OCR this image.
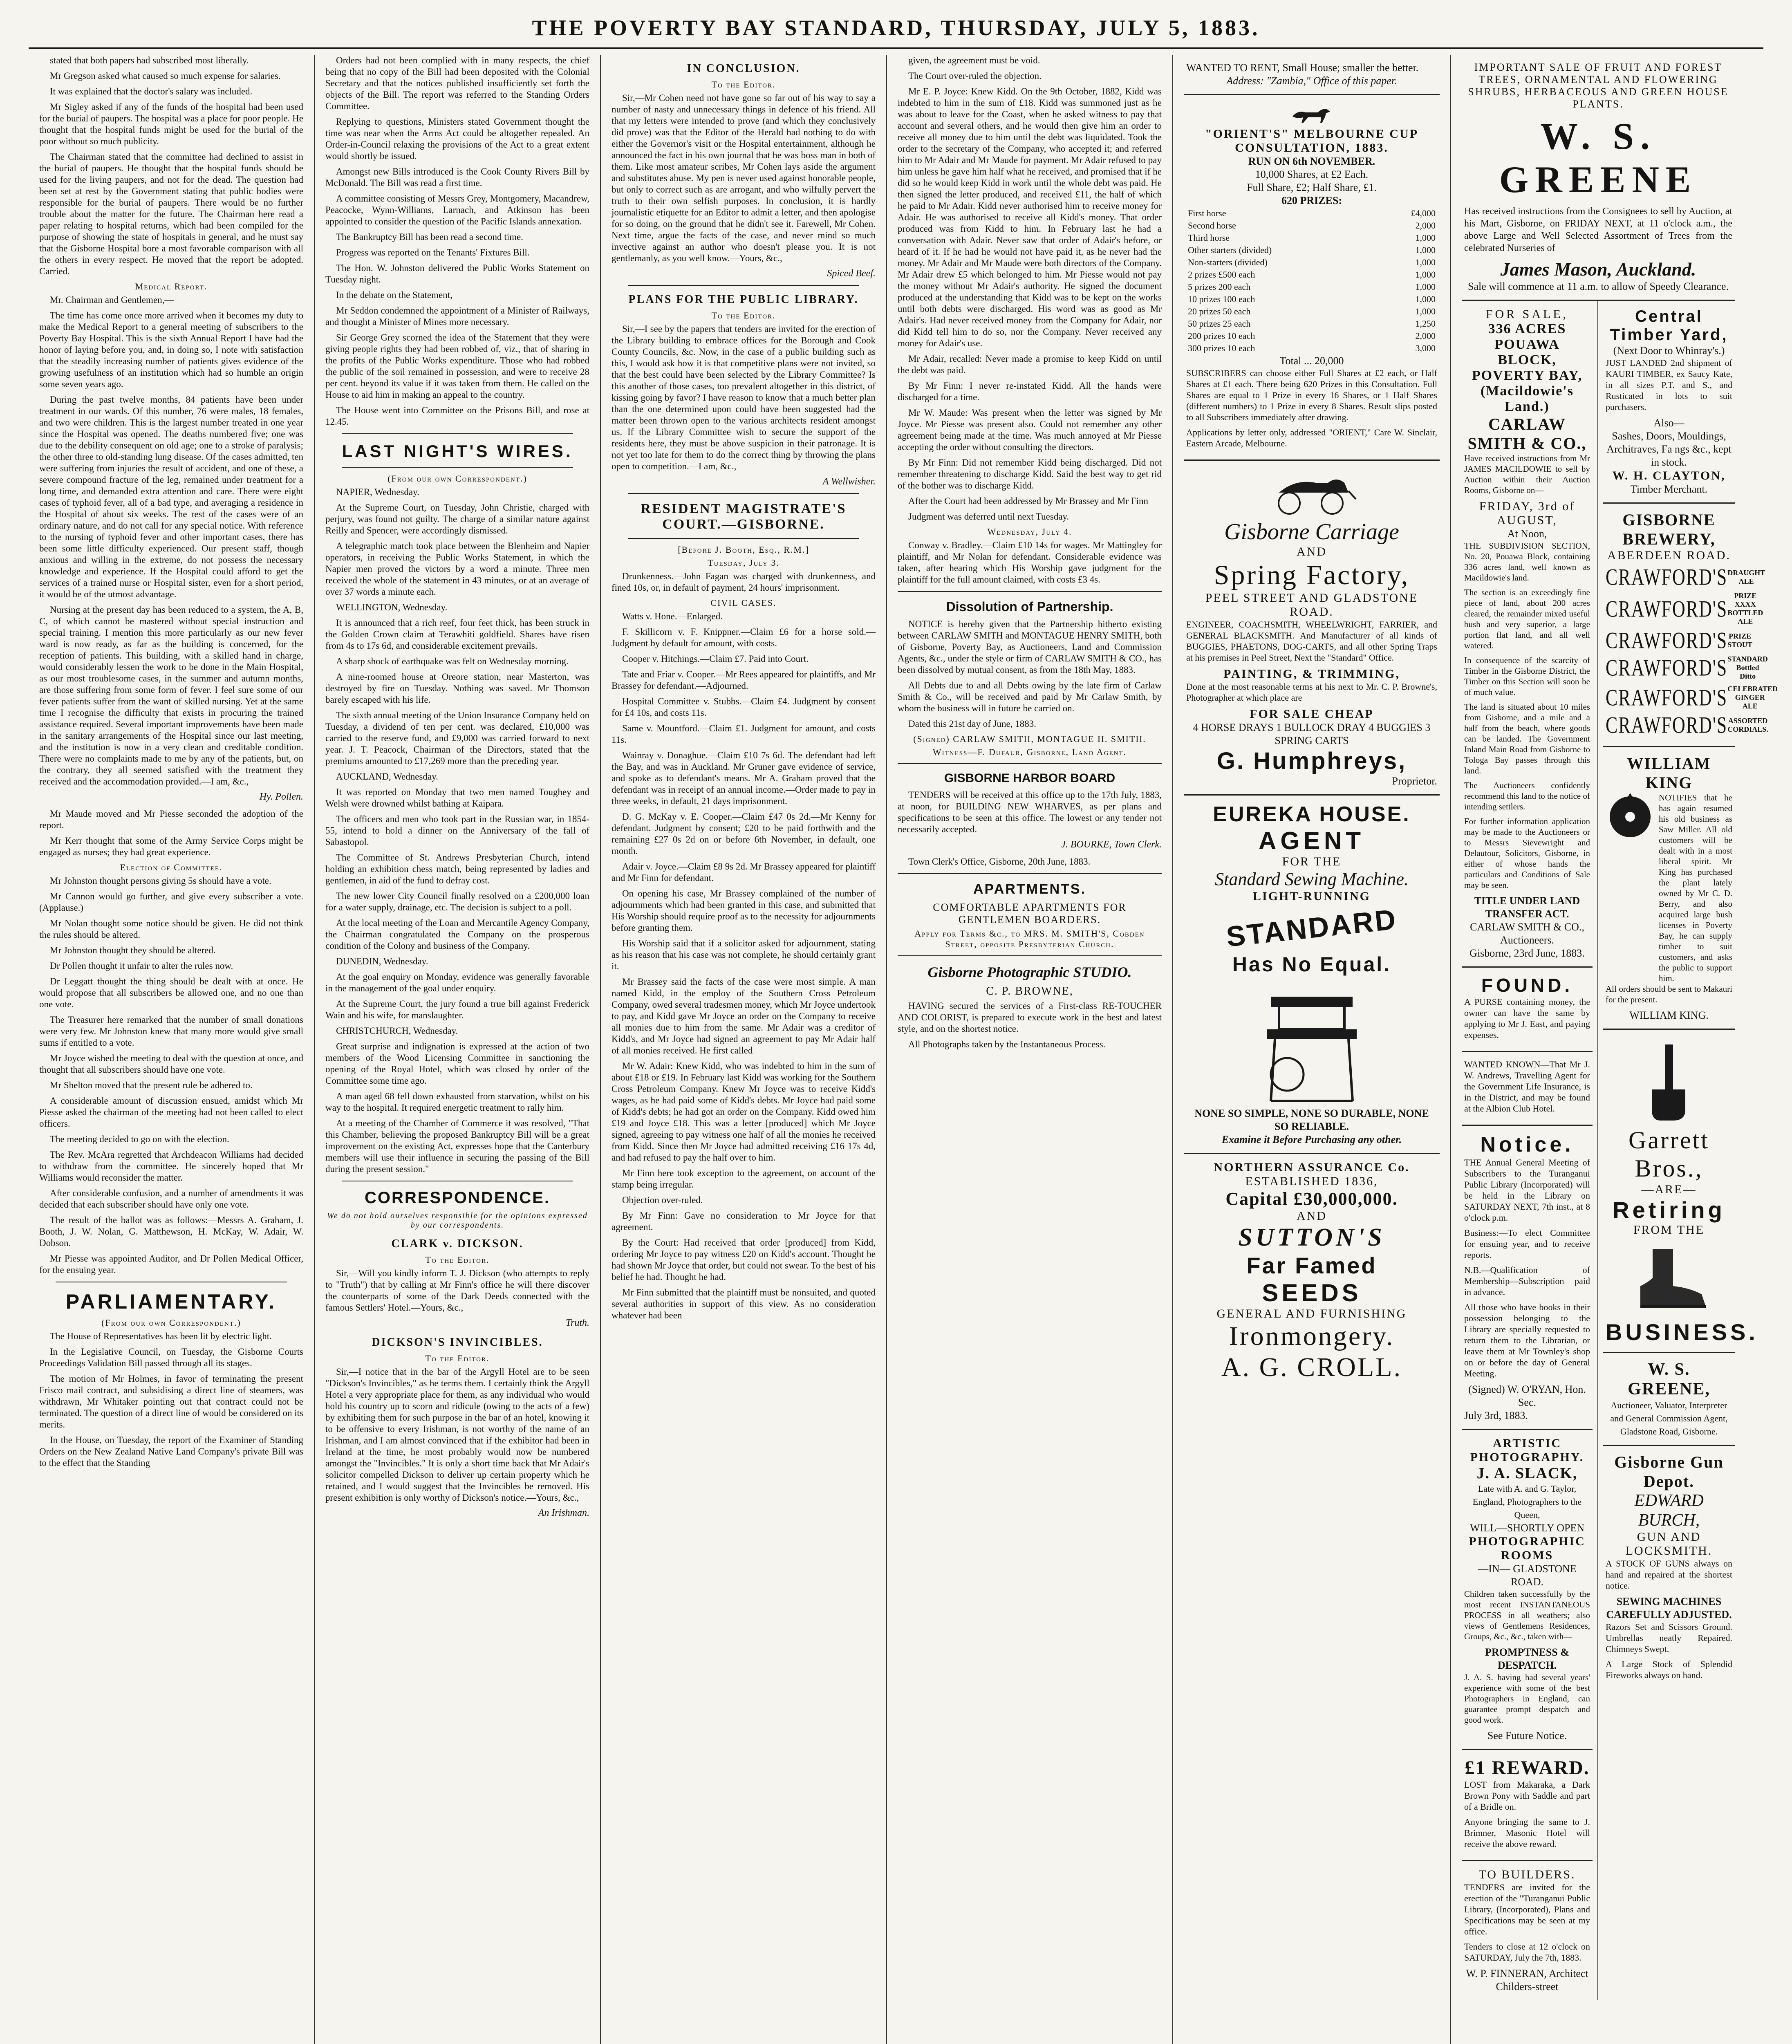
THE POVERTY BAY STANDARD, THURSDAY, JULY 5, 1883.

stated that both papers had subscribed most liberally.

Mr Gregson asked what caused so much expense for salaries.

It was explained that the doctor's salary was included.

Mr Sigley asked if any of the funds of the hospital had been used for the burial of paupers. The hospital was a place for poor people. He thought that the hospital funds might be used for the burial of the poor without so much publicity.

The Chairman stated that the committee had declined to assist in the burial of paupers. He thought that the hospital funds should be used for the living paupers, and not for the dead. The question had been set at rest by the Government stating that public bodies were responsible for the burial of paupers. There would be no further trouble about the matter for the future. The Chairman here read a paper relating to hospital returns, which had been compiled for the purpose of showing the state of hospitals in general, and he must say that the Gisborne Hospital bore a most favorable comparison with all the others in every respect. He moved that the report be adopted. Carried.

Medical Report.

Mr. Chairman and Gentlemen,—

The time has come once more arrived when it becomes my duty to make the Medical Report to a general meeting of subscribers to the Poverty Bay Hospital. This is the sixth Annual Report I have had the honor of laying before you, and, in doing so, I note with satisfaction that the steadily increasing number of patients gives evidence of the growing usefulness of an institution which had so humble an origin some seven years ago.

During the past twelve months, 84 patients have been under treatment in our wards. Of this number, 76 were males, 18 females, and two were children. This is the largest number treated in one year since the Hospital was opened. The deaths numbered five; one was due to the debility consequent on old age; one to a stroke of paralysis; the other three to old-standing lung disease. Of the cases admitted, ten were suffering from injuries the result of accident, and one of these, a severe compound fracture of the leg, remained under treatment for a long time, and demanded extra attention and care. There were eight cases of typhoid fever, all of a bad type, and averaging a residence in the Hospital of about six weeks. The rest of the cases were of an ordinary nature, and do not call for any special notice. With reference to the nursing of typhoid fever and other important cases, there has been some little difficulty experienced. Our present staff, though anxious and willing in the extreme, do not possess the necessary knowledge and experience. If the Hospital could afford to get the services of a trained nurse or Hospital sister, even for a short period, it would be of the utmost advantage.

Nursing at the present day has been reduced to a system, the A, B, C, of which cannot be mastered without special instruction and special training. I mention this more particularly as our new fever ward is now ready, as far as the building is concerned, for the reception of patients. This building, with a skilled hand in charge, would considerably lessen the work to be done in the Main Hospital, as our most troublesome cases, in the summer and autumn months, are those suffering from some form of fever. I feel sure some of our fever patients suffer from the want of skilled nursing. Yet at the same time I recognise the difficulty that exists in procuring the trained assistance required. Several important improvements have been made in the sanitary arrangements of the Hospital since our last meeting, and the institution is now in a very clean and creditable condition. There were no complaints made to me by any of the patients, but, on the contrary, they all seemed satisfied with the treatment they received and the accommodation provided.—I am, &c.,

Hy. Pollen.

Mr Maude moved and Mr Piesse seconded the adoption of the report.

Mr Kerr thought that some of the Army Service Corps might be engaged as nurses; they had great experience.

Election of Committee.

Mr Johnston thought persons giving 5s should have a vote.

Mr Cannon would go further, and give every subscriber a vote. (Applause.)

Mr Nolan thought some notice should be given. He did not think the rules should be altered.

Mr Johnston thought they should be altered.

Dr Pollen thought it unfair to alter the rules now.

Dr Leggatt thought the thing should be dealt with at once. He would propose that all subscribers be allowed one, and no one than one vote.

The Treasurer here remarked that the number of small donations were very few. Mr Johnston knew that many more would give small sums if entitled to a vote.

Mr Joyce wished the meeting to deal with the question at once, and thought that all subscribers should have one vote.

Mr Shelton moved that the present rule be adhered to.

A considerable amount of discussion ensued, amidst which Mr Piesse asked the chairman of the meeting had not been called to elect officers.

The meeting decided to go on with the election.

The Rev. McAra regretted that Archdeacon Williams had decided to withdraw from the committee. He sincerely hoped that Mr Williams would reconsider the matter.

After considerable confusion, and a number of amendments it was decided that each subscriber should have only one vote.

The result of the ballot was as follows:—Messrs A. Graham, J. Booth, J. W. Nolan, G. Matthewson, H. McKay, W. Adair, W. Dobson.

Mr Piesse was appointed Auditor, and Dr Pollen Medical Officer, for the ensuing year.

PARLIAMENTARY.
(From our own Correspondent.)

The House of Representatives has been lit by electric light.

In the Legislative Council, on Tuesday, the Gisborne Courts Proceedings Validation Bill passed through all its stages.

The motion of Mr Holmes, in favor of terminating the present Frisco mail contract, and subsidising a direct line of steamers, was withdrawn, Mr Whitaker pointing out that contract could not be terminated. The question of a direct line of would be considered on its merits.

In the House, on Tuesday, the report of the Examiner of Standing Orders on the New Zealand Native Land Company's private Bill was to the effect that the Standing

Orders had not been complied with in many respects, the chief being that no copy of the Bill had been deposited with the Colonial Secretary and that the notices published insufficiently set forth the objects of the Bill. The report was referred to the Standing Orders Committee.

Replying to questions, Ministers stated Government thought the time was near when the Arms Act could be altogether repealed. An Order-in-Council relaxing the provisions of the Act to a great extent would shortly be issued.

Amongst new Bills introduced is the Cook County Rivers Bill by McDonald. The Bill was read a first time.

A committee consisting of Messrs Grey, Montgomery, Macandrew, Peacocke, Wynn-Williams, Larnach, and Atkinson has been appointed to consider the question of the Pacific Islands annexation.

The Bankruptcy Bill has been read a second time.

Progress was reported on the Tenants' Fixtures Bill.

The Hon. W. Johnston delivered the Public Works Statement on Tuesday night.

In the debate on the Statement,

Mr Seddon condemned the appointment of a Minister of Railways, and thought a Minister of Mines more necessary.

Sir George Grey scorned the idea of the Statement that they were giving people rights they had been robbed of, viz., that of sharing in the profits of the Public Works expenditure. Those who had robbed the public of the soil remained in possession, and were to receive 28 per cent. beyond its value if it was taken from them. He called on the House to aid him in making an appeal to the country.

The House went into Committee on the Prisons Bill, and rose at 12.45.

LAST NIGHT'S WIRES.
(From our own Correspondent.)

NAPIER, Wednesday.

At the Supreme Court, on Tuesday, John Christie, charged with perjury, was found not guilty. The charge of a similar nature against Reilly and Spencer, were accordingly dismissed.

A telegraphic match took place between the Blenheim and Napier operators, in receiving the Public Works Statement, in which the Napier men proved the victors by a word a minute. Three men received the whole of the statement in 43 minutes, or at an average of over 37 words a minute each.

WELLINGTON, Wednesday.

It is announced that a rich reef, four feet thick, has been struck in the Golden Crown claim at Terawhiti goldfield. Shares have risen from 4s to 17s 6d, and considerable excitement prevails.

A sharp shock of earthquake was felt on Wednesday morning.

A nine-roomed house at Oreore station, near Masterton, was destroyed by fire on Tuesday. Nothing was saved. Mr Thomson barely escaped with his life.

The sixth annual meeting of the Union Insurance Company held on Tuesday, a dividend of ten per cent. was declared, £10,000 was carried to the reserve fund, and £9,000 was carried forward to next year. J. T. Peacock, Chairman of the Directors, stated that the premiums amounted to £17,269 more than the preceding year.

AUCKLAND, Wednesday.

It was reported on Monday that two men named Toughey and Welsh were drowned whilst bathing at Kaipara.

The officers and men who took part in the Russian war, in 1854-55, intend to hold a dinner on the Anniversary of the fall of Sabastopol.

The Committee of St. Andrews Presbyterian Church, intend holding an exhibition chess match, being represented by ladies and gentlemen, in aid of the fund to defray cost.

The new lower City Council finally resolved on a £200,000 loan for a water supply, drainage, etc. The decision is subject to a poll.

At the local meeting of the Loan and Mercantile Agency Company, the Chairman congratulated the Company on the prosperous condition of the Colony and business of the Company.

DUNEDIN, Wednesday.

At the goal enquiry on Monday, evidence was generally favorable in the management of the goal under enquiry.

At the Supreme Court, the jury found a true bill against Frederick Wain and his wife, for manslaughter.

CHRISTCHURCH, Wednesday.

Great surprise and indignation is expressed at the action of two members of the Wood Licensing Committee in sanctioning the opening of the Royal Hotel, which was closed by order of the Committee some time ago.

A man aged 68 fell down exhausted from starvation, whilst on his way to the hospital. It required energetic treatment to rally him.

At a meeting of the Chamber of Commerce it was resolved, "That this Chamber, believing the proposed Bankruptcy Bill will be a great improvement on the existing Act, expresses hope that the Canterbury members will use their influence in securing the passing of the Bill during the present session."

CORRESPONDENCE.
We do not hold ourselves responsible for the opinions expressed by our correspondents.
CLARK v. DICKSON.
To the Editor.

Sir,—Will you kindly inform T. J. Dickson (who attempts to reply to "Truth") that by calling at Mr Finn's office he will there discover the counterparts of some of the Dark Deeds connected with the famous Settlers' Hotel.—Yours, &c.,

Truth.
DICKSON'S INVINCIBLES.
To the Editor.

Sir,—I notice that in the bar of the Argyll Hotel are to be seen "Dickson's Invincibles," as he terms them. I certainly think the Argyll Hotel a very appropriate place for them, as any individual who would hold his country up to scorn and ridicule (owing to the acts of a few) by exhibiting them for such purpose in the bar of an hotel, knowing it to be offensive to every Irishman, is not worthy of the name of an Irishman, and I am almost convinced that if the exhibitor had been in Ireland at the time, he most probably would now be numbered amongst the "Invincibles." It is only a short time back that Mr Adair's solicitor compelled Dickson to deliver up certain property which he retained, and I would suggest that the Invincibles be removed. His present exhibition is only worthy of Dickson's notice.—Yours, &c.,

An Irishman.
IN CONCLUSION.
To the Editor.

Sir,—Mr Cohen need not have gone so far out of his way to say a number of nasty and unnecessary things in defence of his friend. All that my letters were intended to prove (and which they conclusively did prove) was that the Editor of the Herald had nothing to do with either the Governor's visit or the Hospital entertainment, although he announced the fact in his own journal that he was boss man in both of them. Like most amateur scribes, Mr Cohen lays aside the argument and substitutes abuse. My pen is never used against honorable people, but only to correct such as are arrogant, and who wilfully pervert the truth to their own selfish purposes. In conclusion, it is hardly journalistic etiquette for an Editor to admit a letter, and then apologise for so doing, on the ground that he didn't see it. Farewell, Mr Cohen. Next time, argue the facts of the case, and never mind so much invective against an author who doesn't please you. It is not gentlemanly, as you well know.—Yours, &c.,

Spiced Beef.
PLANS FOR THE PUBLIC LIBRARY.
To the Editor.

Sir,—I see by the papers that tenders are invited for the erection of the Library building to embrace offices for the Borough and Cook County Councils, &c. Now, in the case of a public building such as this, I would ask how it is that competitive plans were not invited, so that the best could have been selected by the Library Committee? Is this another of those cases, too prevalent altogether in this district, of kissing going by favor? I have reason to know that a much better plan than the one determined upon could have been suggested had the matter been thrown open to the various architects resident amongst us. If the Library Committee wish to secure the support of the residents here, they must be above suspicion in their patronage. It is not yet too late for them to do the correct thing by throwing the plans open to competition.—I am, &c.,

A Wellwisher.
RESIDENT MAGISTRATE'S COURT.—GISBORNE.
[Before J. Booth, Esq., R.M.]
Tuesday, July 3.

Drunkenness.—John Fagan was charged with drunkenness, and fined 10s, or, in default of payment, 24 hours' imprisonment.

CIVIL CASES.

Watts v. Hone.—Enlarged.

F. Skillicorn v. F. Knippner.—Claim £6 for a horse sold.—Judgment by default for amount, with costs.

Cooper v. Hitchings.—Claim £7. Paid into Court.

Tate and Friar v. Cooper.—Mr Rees appeared for plaintiffs, and Mr Brassey for defendant.—Adjourned.

Hospital Committee v. Stubbs.—Claim £4. Judgment by consent for £4 10s, and costs 11s.

Same v. Mountford.—Claim £1. Judgment for amount, and costs 11s.

Wainray v. Donaghue.—Claim £10 7s 6d. The defendant had left the Bay, and was in Auckland. Mr Gruner gave evidence of service, and spoke as to defendant's means. Mr A. Graham proved that the defendant was in receipt of an annual income.—Order made to pay in three weeks, in default, 21 days imprisonment.

D. G. McKay v. E. Cooper.—Claim £47 0s 2d.—Mr Kenny for defendant. Judgment by consent; £20 to be paid forthwith and the remaining £27 0s 2d on or before 6th November, in default, one month.

Adair v. Joyce.—Claim £8 9s 2d. Mr Brassey appeared for plaintiff and Mr Finn for defendant.

On opening his case, Mr Brassey complained of the number of adjournments which had been granted in this case, and submitted that His Worship should require proof as to the necessity for adjournments before granting them.

His Worship said that if a solicitor asked for adjournment, stating as his reason that his case was not complete, he should certainly grant it.

Mr Brassey said the facts of the case were most simple. A man named Kidd, in the employ of the Southern Cross Petroleum Company, owed several tradesmen money, which Mr Joyce undertook to pay, and Kidd gave Mr Joyce an order on the Company to receive all monies due to him from the same. Mr Adair was a creditor of Kidd's, and Mr Joyce had signed an agreement to pay Mr Adair half of all monies received. He first called

Mr W. Adair: Knew Kidd, who was indebted to him in the sum of about £18 or £19. In February last Kidd was working for the Southern Cross Petroleum Company. Knew Mr Joyce was to receive Kidd's wages, as he had paid some of Kidd's debts. Mr Joyce had paid some of Kidd's debts; he had got an order on the Company. Kidd owed him £19 and Joyce £18. This was a letter [produced] which Mr Joyce signed, agreeing to pay witness one half of all the monies he received from Kidd. Since then Mr Joyce had admitted receiving £16 17s 4d, and had refused to pay the half over to him.

Mr Finn here took exception to the agreement, on account of the stamp being irregular.

Objection over-ruled.

By Mr Finn: Gave no consideration to Mr Joyce for that agreement.

By the Court: Had received that order [produced] from Kidd, ordering Mr Joyce to pay witness £20 on Kidd's account. Thought he had shown Mr Joyce that order, but could not swear. To the best of his belief he had. Thought he had.

Mr Finn submitted that the plaintiff must be nonsuited, and quoted several authorities in support of this view. As no consideration whatever had been

given, the agreement must be void.

The Court over-ruled the objection.

Mr E. P. Joyce: Knew Kidd. On the 9th October, 1882, Kidd was indebted to him in the sum of £18. Kidd was summoned just as he was about to leave for the Coast, when he asked witness to pay that account and several others, and he would then give him an order to receive all money due to him until the debt was liquidated. Took the order to the secretary of the Company, who accepted it; and referred him to Mr Adair and Mr Maude for payment. Mr Adair refused to pay him unless he gave him half what he received, and promised that if he did so he would keep Kidd in work until the whole debt was paid. He then signed the letter produced, and received £11, the half of which he paid to Mr Adair. Kidd never authorised him to receive money for Adair. He was authorised to receive all Kidd's money. That order produced was from Kidd to him. In February last he had a conversation with Adair. Never saw that order of Adair's before, or heard of it. If he had he would not have paid it, as he never had the money. Mr Adair and Mr Maude were both directors of the Company. Mr Adair drew £5 which belonged to him. Mr Piesse would not pay the money without Mr Adair's authority. He signed the document produced at the understanding that Kidd was to be kept on the works until both debts were discharged. His word was as good as Mr Adair's. Had never received money from the Company for Adair, nor did Kidd tell him to do so, nor the Company. Never received any money for Adair's use.

Mr Adair, recalled: Never made a promise to keep Kidd on until the debt was paid.

By Mr Finn: I never re-instated Kidd. All the hands were discharged for a time.

Mr W. Maude: Was present when the letter was signed by Mr Joyce. Mr Piesse was present also. Could not remember any other agreement being made at the time. Was much annoyed at Mr Piesse accepting the order without consulting the directors.

By Mr Finn: Did not remember Kidd being discharged. Did not remember threatening to discharge Kidd. Said the best way to get rid of the bother was to discharge Kidd.

After the Court had been addressed by Mr Brassey and Mr Finn

Judgment was deferred until next Tuesday.

Wednesday, July 4.

Conway v. Bradley.—Claim £10 14s for wages. Mr Mattingley for plaintiff, and Mr Nolan for defendant. Considerable evidence was taken, after hearing which His Worship gave judgment for the plaintiff for the full amount claimed, with costs £3 4s.

Dissolution of Partnership.

NOTICE is hereby given that the Partnership hitherto existing between CARLAW SMITH and MONTAGUE HENRY SMITH, both of Gisborne, Poverty Bay, as Auctioneers, Land and Commission Agents, &c., under the style or firm of CARLAW SMITH & CO., has been dissolved by mutual consent, as from the 18th May, 1883.

All Debts due to and all Debts owing by the late firm of Carlaw Smith & Co., will be received and paid by Mr Carlaw Smith, by whom the business will in future be carried on.

Dated this 21st day of June, 1883.

(Signed) CARLAW SMITH, MONTAGUE H. SMITH.
Witness—F. Dufaur, Gisborne, Land Agent.
GISBORNE HARBOR BOARD

TENDERS will be received at this office up to the 17th July, 1883, at noon, for BUILDING NEW WHARVES, as per plans and specifications to be seen at this office. The lowest or any tender not necessarily accepted.

J. BOURKE, Town Clerk.

Town Clerk's Office, Gisborne, 20th June, 1883.

APARTMENTS.
COMFORTABLE APARTMENTS FOR GENTLEMEN BOARDERS.
Apply for Terms &c., to MRS. M. SMITH'S, Cobden Street, opposite Presbyterian Church.
Gisborne Photographic STUDIO.
C. P. BROWNE,

HAVING secured the services of a First-class RE-TOUCHER AND COLORIST, is prepared to execute work in the best and latest style, and on the shortest notice.

All Photographs taken by the Instantaneous Process.

WANTED TO RENT, Small House; smaller the better.
Address: "Zambia," Office of this paper.
"ORIENT'S" MELBOURNE CUP CONSULTATION, 1883.
RUN ON 6th NOVEMBER.
10,000 Shares, at £2 Each.
Full Share, £2; Half Share, £1.
620 PRIZES:
First horse	£4,000
Second horse	2,000
Third horse	1,000
Other starters (divided)	1,000
Non-starters (divided)	1,000
2 prizes £500 each	1,000
5 prizes 200 each	1,000
10 prizes 100 each	1,000
20 prizes 50 each	1,000
50 prizes 25 each	1,250
200 prizes 10 each	2,000
300 prizes 10 each	3,000
Total ... 20,000

SUBSCRIBERS can choose either Full Shares at £2 each, or Half Shares at £1 each. There being 620 Prizes in this Consultation. Full Shares are equal to 1 Prize in every 16 Shares, or 1 Half Shares (different numbers) to 1 Prize in every 8 Shares. Result slips posted to all Subscribers immediately after drawing.

Applications by letter only, addressed "ORIENT," Care W. Sinclair, Eastern Arcade, Melbourne.

Gisborne Carriage
AND
Spring Factory,
PEEL STREET AND GLADSTONE ROAD.

ENGINEER, COACHSMITH, WHEELWRIGHT, FARRIER, and GENERAL BLACKSMITH. And Manufacturer of all kinds of BUGGIES, PHAETONS, DOG-CARTS, and all other Spring Traps at his premises in Peel Street, Next the "Standard" Office.

PAINTING, & TRIMMING,

Done at the most reasonable terms at his next to Mr. C. P. Browne's, Photographer at which place are

FOR SALE CHEAP
4 HORSE DRAYS 1 BULLOCK DRAY 4 BUGGIES 3 SPRING CARTS
G. Humphreys,
Proprietor.
EUREKA HOUSE.
AGENT
FOR THE
Standard Sewing Machine.
LIGHT-RUNNING
STANDARD
Has No Equal.
NONE SO SIMPLE, NONE SO DURABLE, NONE SO RELIABLE.
Examine it Before Purchasing any other.
NORTHERN ASSURANCE Co.
ESTABLISHED 1836,
Capital £30,000,000.
AND
SUTTON'S
Far Famed
SEEDS
GENERAL AND FURNISHING
Ironmongery.
A. G. CROLL.
IMPORTANT SALE OF FRUIT AND FOREST TREES, ORNAMENTAL AND FLOWERING SHRUBS, HERBACEOUS AND GREEN HOUSE PLANTS.
W. S. GREENE

Has received instructions from the Consignees to sell by Auction, at his Mart, Gisborne, on FRIDAY NEXT, at 11 o'clock a.m., the above Large and Well Selected Assortment of Trees from the celebrated Nurseries of

James Mason, Auckland.
Sale will commence at 11 a.m. to allow of Speedy Clearance.
FOR SALE,
336 ACRES POUAWA BLOCK, POVERTY BAY, (Macildowie's Land.)
CARLAW SMITH & CO.,

Have received instructions from Mr JAMES MACILDOWIE to sell by Auction within their Auction Rooms, Gisborne on—

FRIDAY, 3rd of AUGUST,
At Noon,

THE SUBDIVISION SECTION, No. 20, Pouawa Block, containing 336 acres land, well known as Macildowie's land.

The section is an exceedingly fine piece of land, about 200 acres cleared, the remainder mixed useful bush and very superior, a large portion flat land, and all well watered.

In consequence of the scarcity of Timber in the Gisborne District, the Timber on this Section will soon be of much value.

The land is situated about 10 miles from Gisborne, and a mile and a half from the beach, where goods can be landed. The Government Inland Main Road from Gisborne to Tologa Bay passes through this land.

The Auctioneers confidently recommend this land to the notice of intending settlers.

For further information application may be made to the Auctioneers or to Messrs Sievewright and Delautour, Solicitors, Gisborne, in either of whose hands the particulars and Conditions of Sale may be seen.

TITLE UNDER LAND TRANSFER ACT.
CARLAW SMITH & CO., Auctioneers.
Gisborne, 23rd June, 1883.
FOUND.

A PURSE containing money, the owner can have the same by applying to Mr J. East, and paying expenses.

WANTED KNOWN—That Mr J. W. Andrews, Travelling Agent for the Government Life Insurance, is in the District, and may be found at the Albion Club Hotel.

Notice.

THE Annual General Meeting of Subscribers to the Turanganui Public Library (Incorporated) will be held in the Library on SATURDAY NEXT, 7th inst., at 8 o'clock p.m.

Business:—To elect Committee for ensuing year, and to receive reports.

N.B.—Qualification of Membership—Subscription paid in advance.

All those who have books in their possession belonging to the Library are specially requested to return them to the Librarian, or leave them at Mr Townley's shop on or before the day of General Meeting.

(Signed) W. O'RYAN, Hon. Sec.
July 3rd, 1883.
ARTISTIC PHOTOGRAPHY.
J. A. SLACK,
Late with A. and G. Taylor, England, Photographers to the Queen,
WILL—SHORTLY OPEN
PHOTOGRAPHIC ROOMS
—IN— GLADSTONE ROAD.

Children taken successfully by the most recent INSTANTANEOUS PROCESS in all weathers; also views of Gentlemens Residences, Groups, &c., &c., taken with—

PROMPTNESS & DESPATCH.

J. A. S. having had several years' experience with some of the best Photographers in England, can guarantee prompt despatch and good work.

See Future Notice.
£1 REWARD.

LOST from Makaraka, a Dark Brown Pony with Saddle and part of a Bridle on.

Anyone bringing the same to J. Brimner, Masonic Hotel will receive the above reward.

TO BUILDERS.

TENDERS are invited for the erection of the "Turanganui Public Library, (Incorporated), Plans and Specifications may be seen at my office.

Tenders to close at 12 o'clock on SATURDAY, July the 7th, 1883.

W. P. FINNERAN, Architect Childers-street
Central Timber Yard,
(Next Door to Whinray's.)

JUST LANDED 2nd shipment of KAURI TIMBER, ex Saucy Kate, in all sizes P.T. and S., and Rusticated in lots to suit purchasers.

Also—
Sashes, Doors, Mouldings, Architraves, Fa ngs &c., kept in stock.
W. H. CLAYTON,
Timber Merchant.
GISBORNE BREWERY,
ABERDEEN ROAD.
CRAWFORD'S DRAUGHT ALE
CRAWFORD'S
PRIZE XXXX BOTTLED ALE
CRAWFORD'S PRIZE STOUT
CRAWFORD'S STANDARD Bottled Ditto
CRAWFORD'S CELEBRATED GINGER ALE
CRAWFORD'S ASSORTED CORDIALS.
WILLIAM KING

NOTIFIES that he has again resumed his old business as Saw Miller. All old customers will be dealt with in a most liberal spirit. Mr King has purchased the plant lately owned by Mr C. D. Berry, and also acquired large bush licenses in Poverty Bay, he can supply timber to suit customers, and asks the public to support him.

All orders should be sent to Makauri for the present.

WILLIAM KING.
Garrett Bros.,
—ARE—
Retiring
FROM THE
BUSINESS.
W. S. GREENE,
Auctioneer, Valuator, Interpreter and General Commission Agent,
Gladstone Road, Gisborne.
Gisborne Gun Depot.
EDWARD BURCH,
GUN AND LOCKSMITH.

A STOCK OF GUNS always on hand and repaired at the shortest notice.

SEWING MACHINES CAREFULLY ADJUSTED.

Razors Set and Scissors Ground. Umbrellas neatly Repaired. Chimneys Swept.

A Large Stock of Splendid Fireworks always on hand.
